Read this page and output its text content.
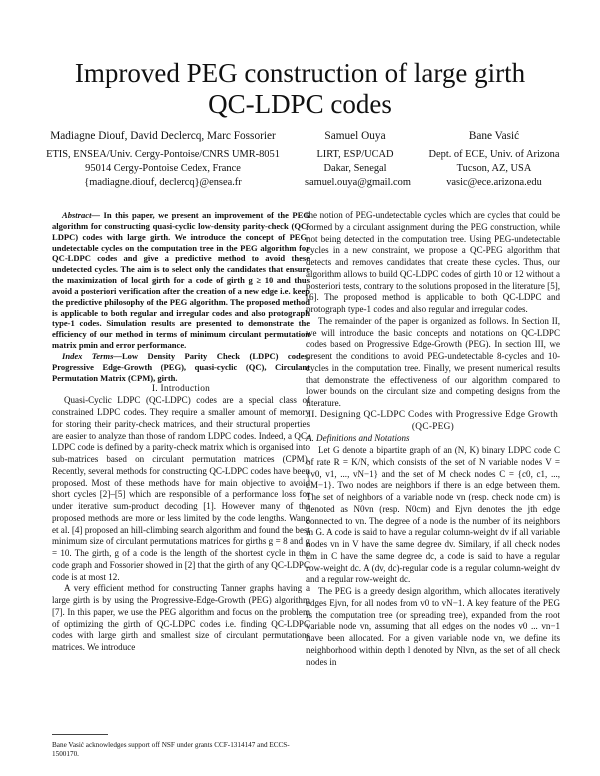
Improved PEG construction of large girth
QC-LDPC codes
Madiagne Diouf, David Declercq, Marc Fossorier
ETIS, ENSEA/Univ. Cergy-Pontoise/CNRS UMR-8051
95014 Cergy-Pontoise Cedex, France
{madiagne.diouf, declercq}@ensea.fr
Samuel Ouya
LIRT, ESP/UCAD
Dakar, Senegal
samuel.ouya@gmail.com
Bane Vasić
Dept. of ECE, Univ. of Arizona
Tucson, AZ, USA
vasic@ece.arizona.edu

Abstract— In this paper, we present an improvement of the PEG algorithm for constructing quasi-cyclic low-density parity-check (QC-LDPC) codes with large girth. We introduce the concept of PEG-undetectable cycles on the computation tree in the PEG algorithm for QC-LDPC codes and give a predictive method to avoid these undetected cycles. The aim is to select only the candidates that ensure the maximization of local girth for a code of girth g ≥ 10 and thus avoid a posteriori verification after the creation of a new edge i.e. keep the predictive philosophy of the PEG algorithm. The proposed method is applicable to both regular and irregular codes and also protograph type-1 codes. Simulation results are presented to demonstrate the efficiency of our method in terms of minimum circulant permutation matrix pmin and error performance.

Index Terms—Low Density Parity Check (LDPC) codes, Progressive Edge-Growth (PEG), quasi-cyclic (QC), Circulant Permutation Matrix (CPM), girth.

I. Introduction

Quasi-Cyclic LDPC (QC-LDPC) codes are a special class of constrained LDPC codes. They require a smaller amount of memory for storing their parity-check matrices, and their structural properties are easier to analyze than those of random LDPC codes. Indeed, a QC-LDPC code is defined by a parity-check matrix which is organised into sub-matrices based on circulant permutation matrices (CPM). Recently, several methods for constructing QC-LDPC codes have been proposed. Most of these methods have for main objective to avoid short cycles [2]–[5] which are responsible of a performance loss for under iterative sum-product decoding [1]. However many of the proposed methods are more or less limited by the code lengths. Wang et al. [4] proposed an hill-climbing search algorithm and found the best minimum size of circulant permutations matrices for girths g = 8 and g = 10. The girth, g of a code is the length of the shortest cycle in the code graph and Fossorier showed in [2] that the girth of any QC-LDPC code is at most 12.

A very efficient method for constructing Tanner graphs having a large girth is by using the Progressive-Edge-Growth (PEG) algorithm [7]. In this paper, we use the PEG algorithm and focus on the problem of optimizing the girth of QC-LDPC codes i.e. finding QC-LDPC codes with large girth and smallest size of circulant permutations matrices. We introduce

Bane Vasić acknowledges support off NSF under grants CCF-1314147 and ECCS-1500170.

the notion of PEG-undetectable cycles which are cycles that could be formed by a circulant assignment during the PEG construction, while not being detected in the computation tree. Using PEG-undetectable cycles in a new constraint, we propose a QC-PEG algorithm that detects and removes candidates that create these cycles. Thus, our algorithm allows to build QC-LDPC codes of girth 10 or 12 without a posteriori tests, contrary to the solutions proposed in the literature [5], [6]. The proposed method is applicable to both QC-LDPC and protograph type-1 codes and also regular and irregular codes.

The remainder of the paper is organized as follows. In Section II, we will introduce the basic concepts and notations on QC-LDPC codes based on Progressive Edge-Growth (PEG). In section III, we present the conditions to avoid PEG-undetectable 8-cycles and 10-cycles in the computation tree. Finally, we present numerical results that demonstrate the effectiveness of our algorithm compared to lower bounds on the circulant size and competing designs from the literature.

II. Designing QC-LDPC Codes with Progressive Edge Growth (QC-PEG)

A. Definitions and Notations

Let G denote a bipartite graph of an (N, K) binary LDPC code C of rate R = K/N, which consists of the set of N variable nodes V = {v0, v1, ..., vN−1} and the set of M check nodes C = {c0, c1, ..., cM−1}. Two nodes are neighbors if there is an edge between them. The set of neighbors of a variable node vn (resp. check node cm) is denoted as N0vn (resp. N0cm) and Ejvn denotes the jth edge connected to vn. The degree of a node is the number of its neighbors in G. A code is said to have a regular column-weight dv if all variable nodes vn in V have the same degree dv. Similary, if all check nodes cm in C have the same degree dc, a code is said to have a regular row-weight dc. A (dv, dc)-regular code is a regular column-weight dv and a regular row-weight dc.

The PEG is a greedy design algorithm, which allocates iteratively edges Ejvn, for all nodes from v0 to vN−1. A key feature of the PEG is the computation tree (or spreading tree), expanded from the root variable node vn, assuming that all edges on the nodes v0 ... vn−1 have been allocated. For a given variable node vn, we define its neighborhood within depth l denoted by Nlvn, as the set of all check nodes in
